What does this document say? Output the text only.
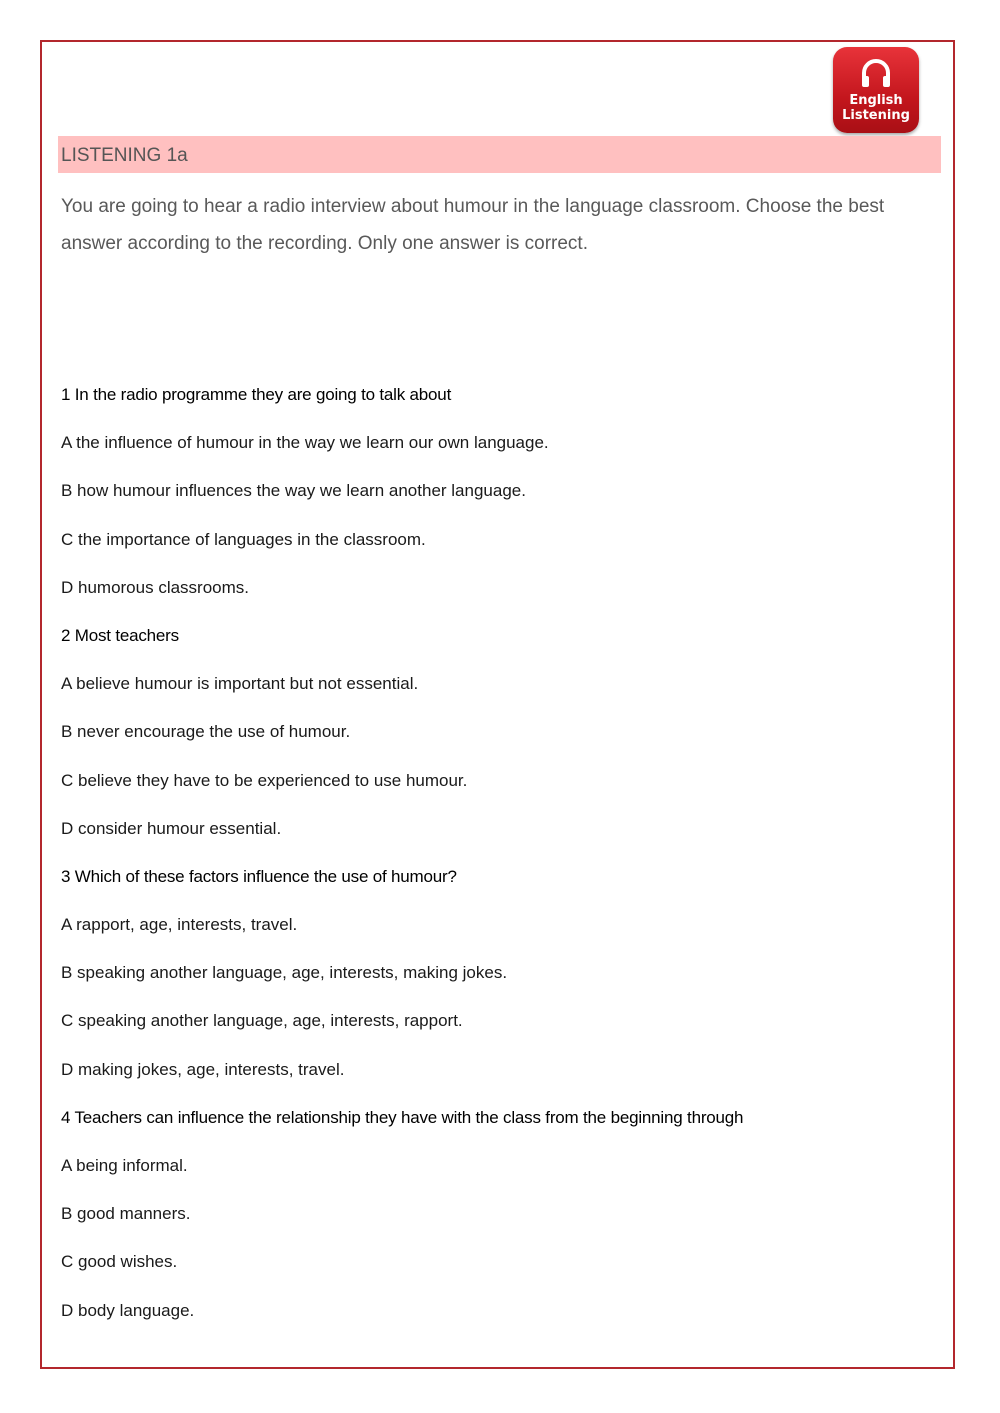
English
Listening
LISTENING 1a
You are going to hear a radio interview about humour in the language classroom. Choose the best answer according to the recording. Only one answer is correct.
1 In the radio programme they are going to talk about
A the influence of humour in the way we learn our own language.
B how humour influences the way we learn another language.
C the importance of languages in the classroom.
D humorous classrooms.
2 Most teachers
A believe humour is important but not essential.
B never encourage the use of humour.
C believe they have to be experienced to use humour.
D consider humour essential.
3 Which of these factors influence the use of humour?
A rapport, age, interests, travel.
B speaking another language, age, interests, making jokes.
C speaking another language, age, interests, rapport.
D making jokes, age, interests, travel.
4 Teachers can influence the relationship they have with the class from the beginning through
A being informal.
B good manners.
C good wishes.
D body language.
